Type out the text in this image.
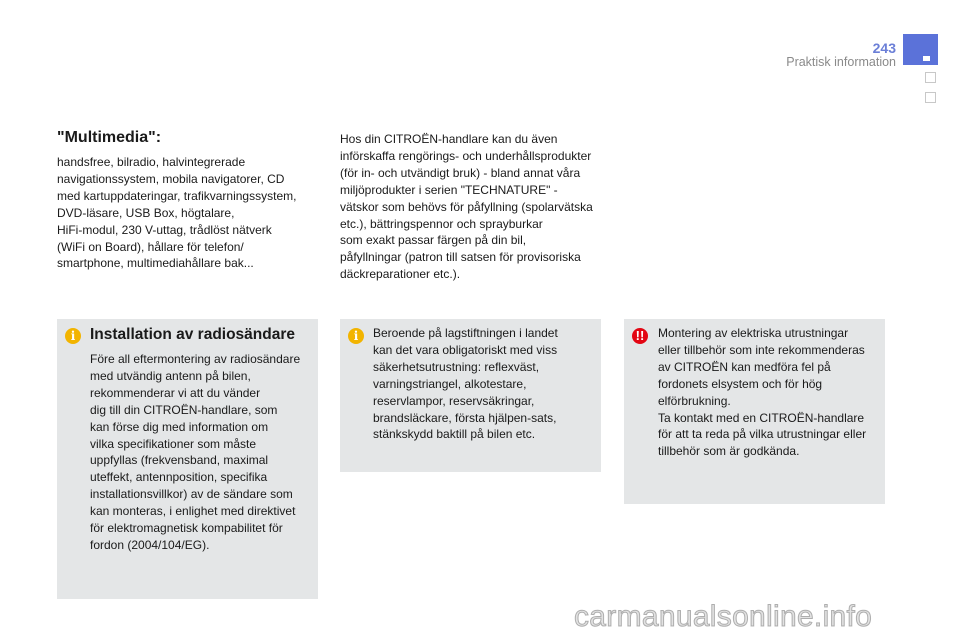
243
Praktisk information
"Multimedia":

handsfree, bilradio, halvintegrerade
navigationssystem, mobila navigatorer, CD
med kartuppdateringar, trafikvarningssystem,
DVD-läsare, USB Box, högtalare,
HiFi-modul, 230 V-uttag, trådlöst nätverk
(WiFi on Board), hållare för telefon/
smartphone, multimediahållare bak...

Hos din CITROËN-handlare kan du även
införskaffa rengörings- och underhållsprodukter
(för in- och utvändigt bruk) - bland annat våra
miljöprodukter i serien "TECHNATURE" -
vätskor som behövs för påfyllning (spolarvätska
etc.), bättringspennor och sprayburkar
som exakt passar färgen på din bil,
påfyllningar (patron till satsen för provisoriska
däckreparationer etc.).

i Installation av radiosändare

Före all eftermontering av radiosändare
med utvändig antenn på bilen,
rekommenderar vi att du vänder
dig till din CITROËN-handlare, som
kan förse dig med information om
vilka specifikationer som måste
uppfyllas (frekvensband, maximal
uteffekt, antennposition, specifika
installationsvillkor) av de sändare som
kan monteras, i enlighet med direktivet
för elektromagnetisk kompabilitet för
fordon (2004/104/EG).

i	Beroende på lagstiftningen i landet
kan det vara obligatoriskt med viss
säkerhetsutrustning: reflexväst,
varningstriangel, alkotestare,
reservlampor, reservsäkringar,
brandsläckare, första hjälpen-sats,
stänkskydd baktill på bilen etc.

!!	Montering av elektriska utrustningar
eller tillbehör som inte rekommenderas
av CITROËN kan medföra fel på
fordonets elsystem och för hög
elförbrukning.
Ta kontakt med en CITROËN-handlare
för att ta reda på vilka utrustningar eller
tillbehör som är godkända.

carmanualsonline.info
